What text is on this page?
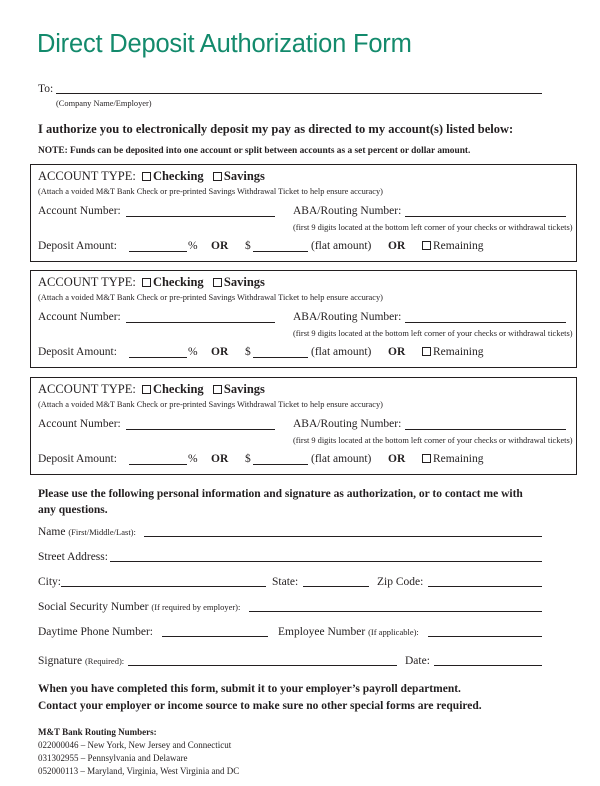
Direct Deposit Authorization Form
To:
(Company Name/Employer)
I authorize you to electronically deposit my pay as directed to my account(s) listed below:
NOTE: Funds can be deposited into one account or split between accounts as a set percent or dollar amount.
ACCOUNT TYPE: Checking Savings
(Attach a voided M&T Bank Check or pre-printed Savings Withdrawal Ticket to help ensure accuracy)
Account Number:	ABA/Routing Number:
(first 9 digits located at the bottom left corner of your checks or withdrawal tickets)
Deposit Amount:	% OR $	(flat amount) OR	Remaining
ACCOUNT TYPE: Checking Savings
(Attach a voided M&T Bank Check or pre-printed Savings Withdrawal Ticket to help ensure accuracy)
Account Number:	ABA/Routing Number:
(first 9 digits located at the bottom left corner of your checks or withdrawal tickets)
Deposit Amount:	% OR $	(flat amount) OR	Remaining
ACCOUNT TYPE: Checking Savings
(Attach a voided M&T Bank Check or pre-printed Savings Withdrawal Ticket to help ensure accuracy)
Account Number:	ABA/Routing Number:
(first 9 digits located at the bottom left corner of your checks or withdrawal tickets)
Deposit Amount:	% OR $	(flat amount) OR	Remaining
Please use the following personal information and signature as authorization, or to contact me with
any questions.
Name (First/Middle/Last):
Street Address:
City:	State:	Zip Code:
Social Security Number (If required by employer):
Daytime Phone Number:	Employee Number (If applicable):
Signature (Required):	Date:
When you have completed this form, submit it to your employer’s payroll department.
Contact your employer or income source to make sure no other special forms are required.
M&T Bank Routing Numbers:
022000046 – New York, New Jersey and Connecticut
031302955 – Pennsylvania and Delaware
052000113 – Maryland, Virginia, West Virginia and DC
